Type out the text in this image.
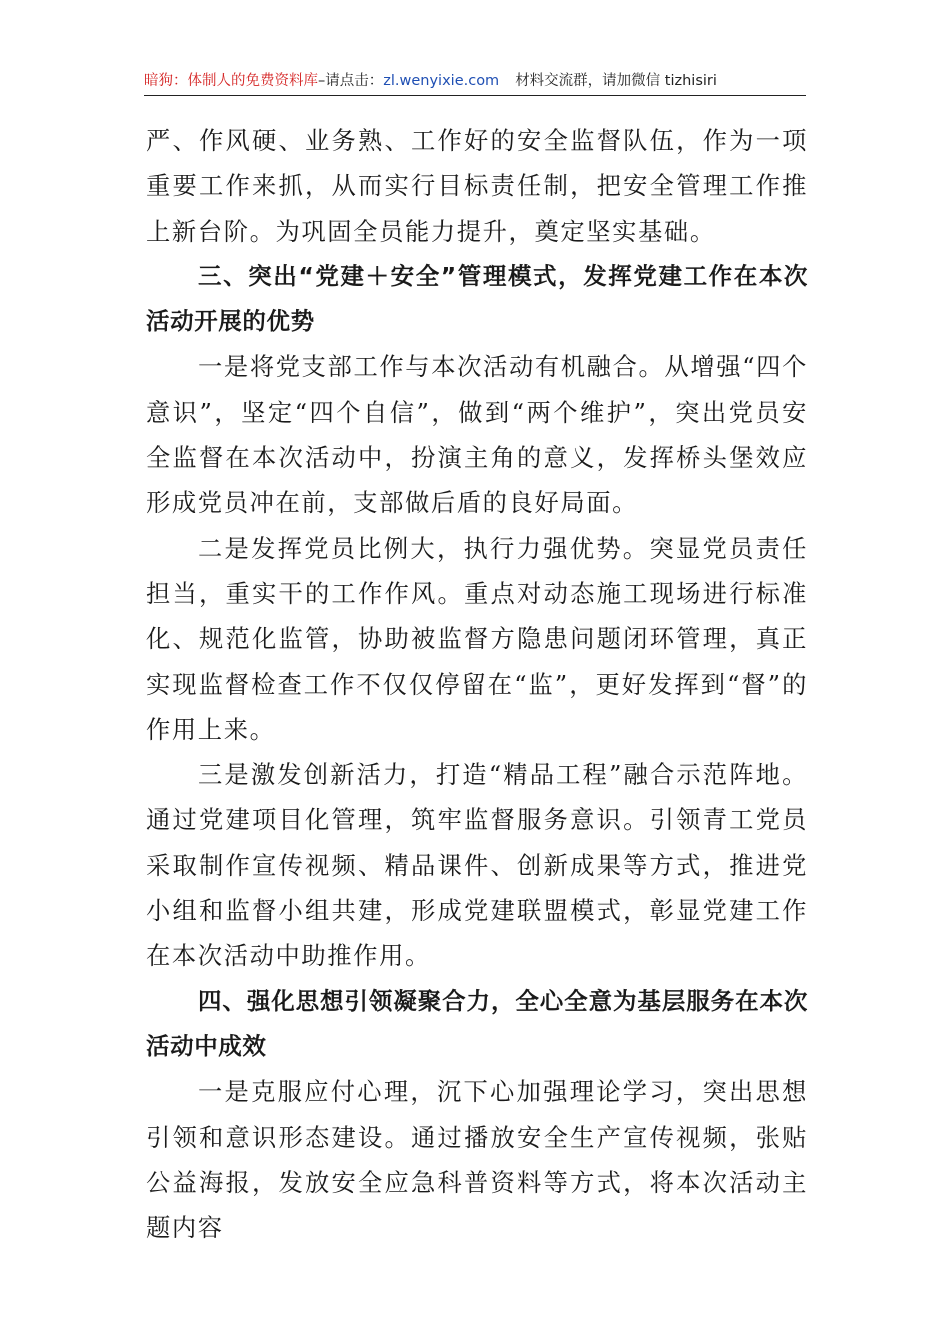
暗狗：体制人的免费资料库–请点击：zl.wenyixie.com 材料交流群，请加微信 tizhisiri

严、作风硬、业务熟、工作好的安全监督队伍，作为一项重要工作来抓，从而实行目标责任制，把安全管理工作推上新台阶。为巩固全员能力提升，奠定坚实基础。

三、突出“党建＋安全”管理模式，发挥党建工作在本次活动开展的优势

一是将党支部工作与本次活动有机融合。从增强“四个意识”，坚定“四个自信”，做到“两个维护”，突出党员安全监督在本次活动中，扮演主角的意义，发挥桥头堡效应形成党员冲在前，支部做后盾的良好局面。

二是发挥党员比例大，执行力强优势。突显党员责任担当，重实干的工作作风。重点对动态施工现场进行标准化、规范化监管，协助被监督方隐患问题闭环管理，真正实现监督检查工作不仅仅停留在“监”，更好发挥到“督”的作用上来。

三是激发创新活力，打造“精品工程”融合示范阵地。通过党建项目化管理，筑牢监督服务意识。引领青工党员采取制作宣传视频、精品课件、创新成果等方式，推进党小组和监督小组共建，形成党建联盟模式，彰显党建工作在本次活动中助推作用。

四、强化思想引领凝聚合力，全心全意为基层服务在本次活动中成效

一是克服应付心理，沉下心加强理论学习，突出思想引领和意识形态建设。通过播放安全生产宣传视频，张贴公益海报，发放安全应急科普资料等方式，将本次活动主题内容
